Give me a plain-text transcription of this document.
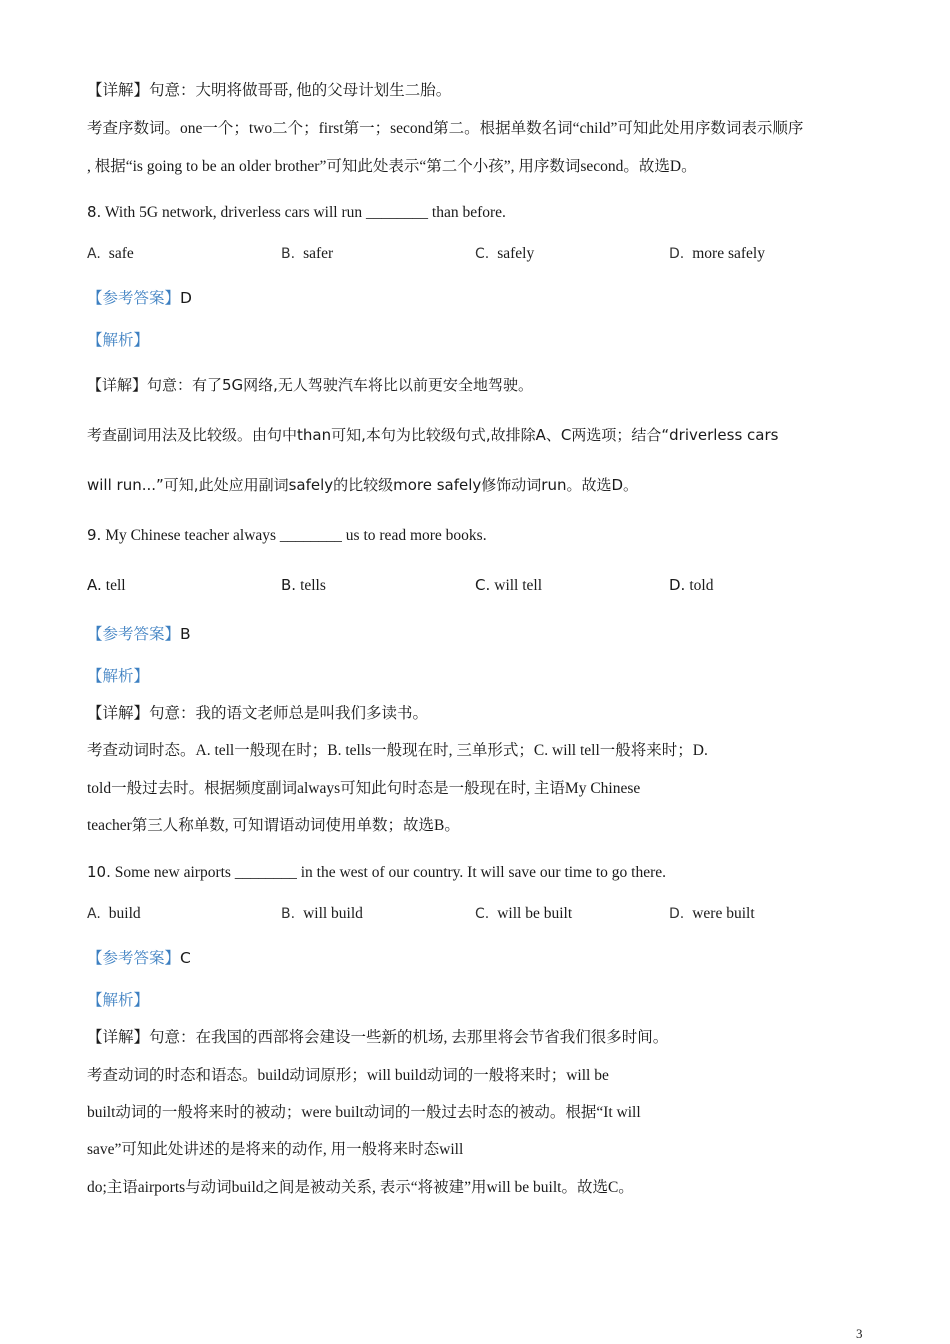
【详解】句意：大明将做哥哥, 他的父母计划生二胎。
考查序数词。one一个；two二个；first第一；second第二。根据单数名词“child”可知此处用序数词表示顺序
, 根据“is going to be an older brother”可知此处表示“第二个小孩”, 用序数词second。故选D。
8. With 5G network, driverless cars will run ________ than before.
A. safe	B. safer	C. safely	D. more safely
【参考答案】D
【解析】
【详解】句意：有了5G网络,无人驾驶汽车将比以前更安全地驾驶。
考查副词用法及比较级。由句中than可知,本句为比较级句式,故排除A、C两选项；结合“driverless cars
will run...”可知,此处应用副词safely的比较级more safely修饰动词run。故选D。
9. My Chinese teacher always ________ us to read more books.
A. tell	B. tells	C. will tell	D. told
【参考答案】B
【解析】
【详解】句意：我的语文老师总是叫我们多读书。
考查动词时态。A. tell一般现在时；B. tells一般现在时, 三单形式；C. will tell一般将来时；D.
told一般过去时。根据频度副词always可知此句时态是一般现在时, 主语My Chinese
teacher第三人称单数, 可知谓语动词使用单数；故选B。
10. Some new airports ________ in the west of our country. It will save our time to go there.
A. build	B. will build	C. will be built	D. were built
【参考答案】C
【解析】
【详解】句意：在我国的西部将会建设一些新的机场, 去那里将会节省我们很多时间。
考查动词的时态和语态。build动词原形；will build动词的一般将来时；will be
built动词的一般将来时的被动；were built动词的一般过去时态的被动。根据“It will
save”可知此处讲述的是将来的动作, 用一般将来时态will
do;主语airports与动词build之间是被动关系, 表示“将被建”用will be built。故选C。
3
